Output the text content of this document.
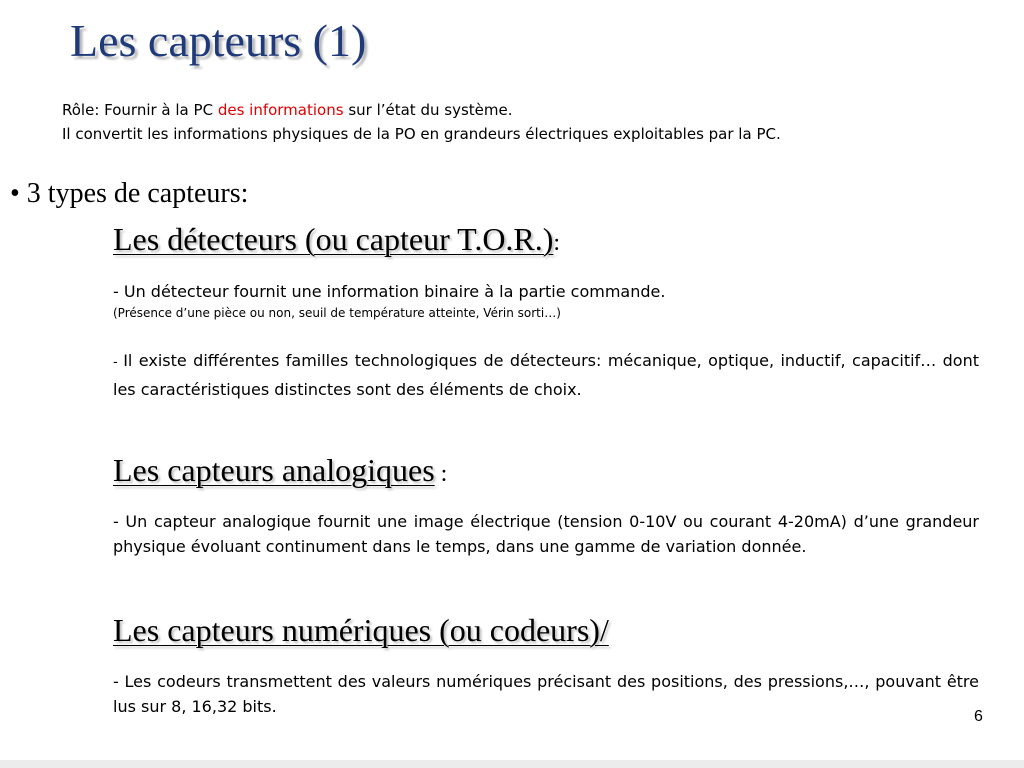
Les capteurs (1)
Rôle: Fournir à la PC des informations sur l’état du système.
Il convertit les informations physiques de la PO en grandeurs électriques exploitables par la PC.
• 3 types de capteurs:
Les détecteurs (ou capteur T.O.R.):
- Un détecteur fournit une information binaire à la partie commande.
(Présence d’une pièce ou non, seuil de température atteinte, Vérin sorti…)
- Il existe différentes familles technologiques de détecteurs: mécanique, optique, inductif, capacitif… dont les caractéristiques distinctes sont des éléments de choix.
Les capteurs analogiques :
- Un capteur analogique fournit une image électrique (tension 0-10V ou courant 4-20mA) d’une grandeur physique évoluant continument dans le temps, dans une gamme de variation donnée.
Les capteurs numériques (ou codeurs)/
- Les codeurs transmettent des valeurs numériques précisant des positions, des pressions,…, pouvant être lus sur 8, 16,32 bits.
6
